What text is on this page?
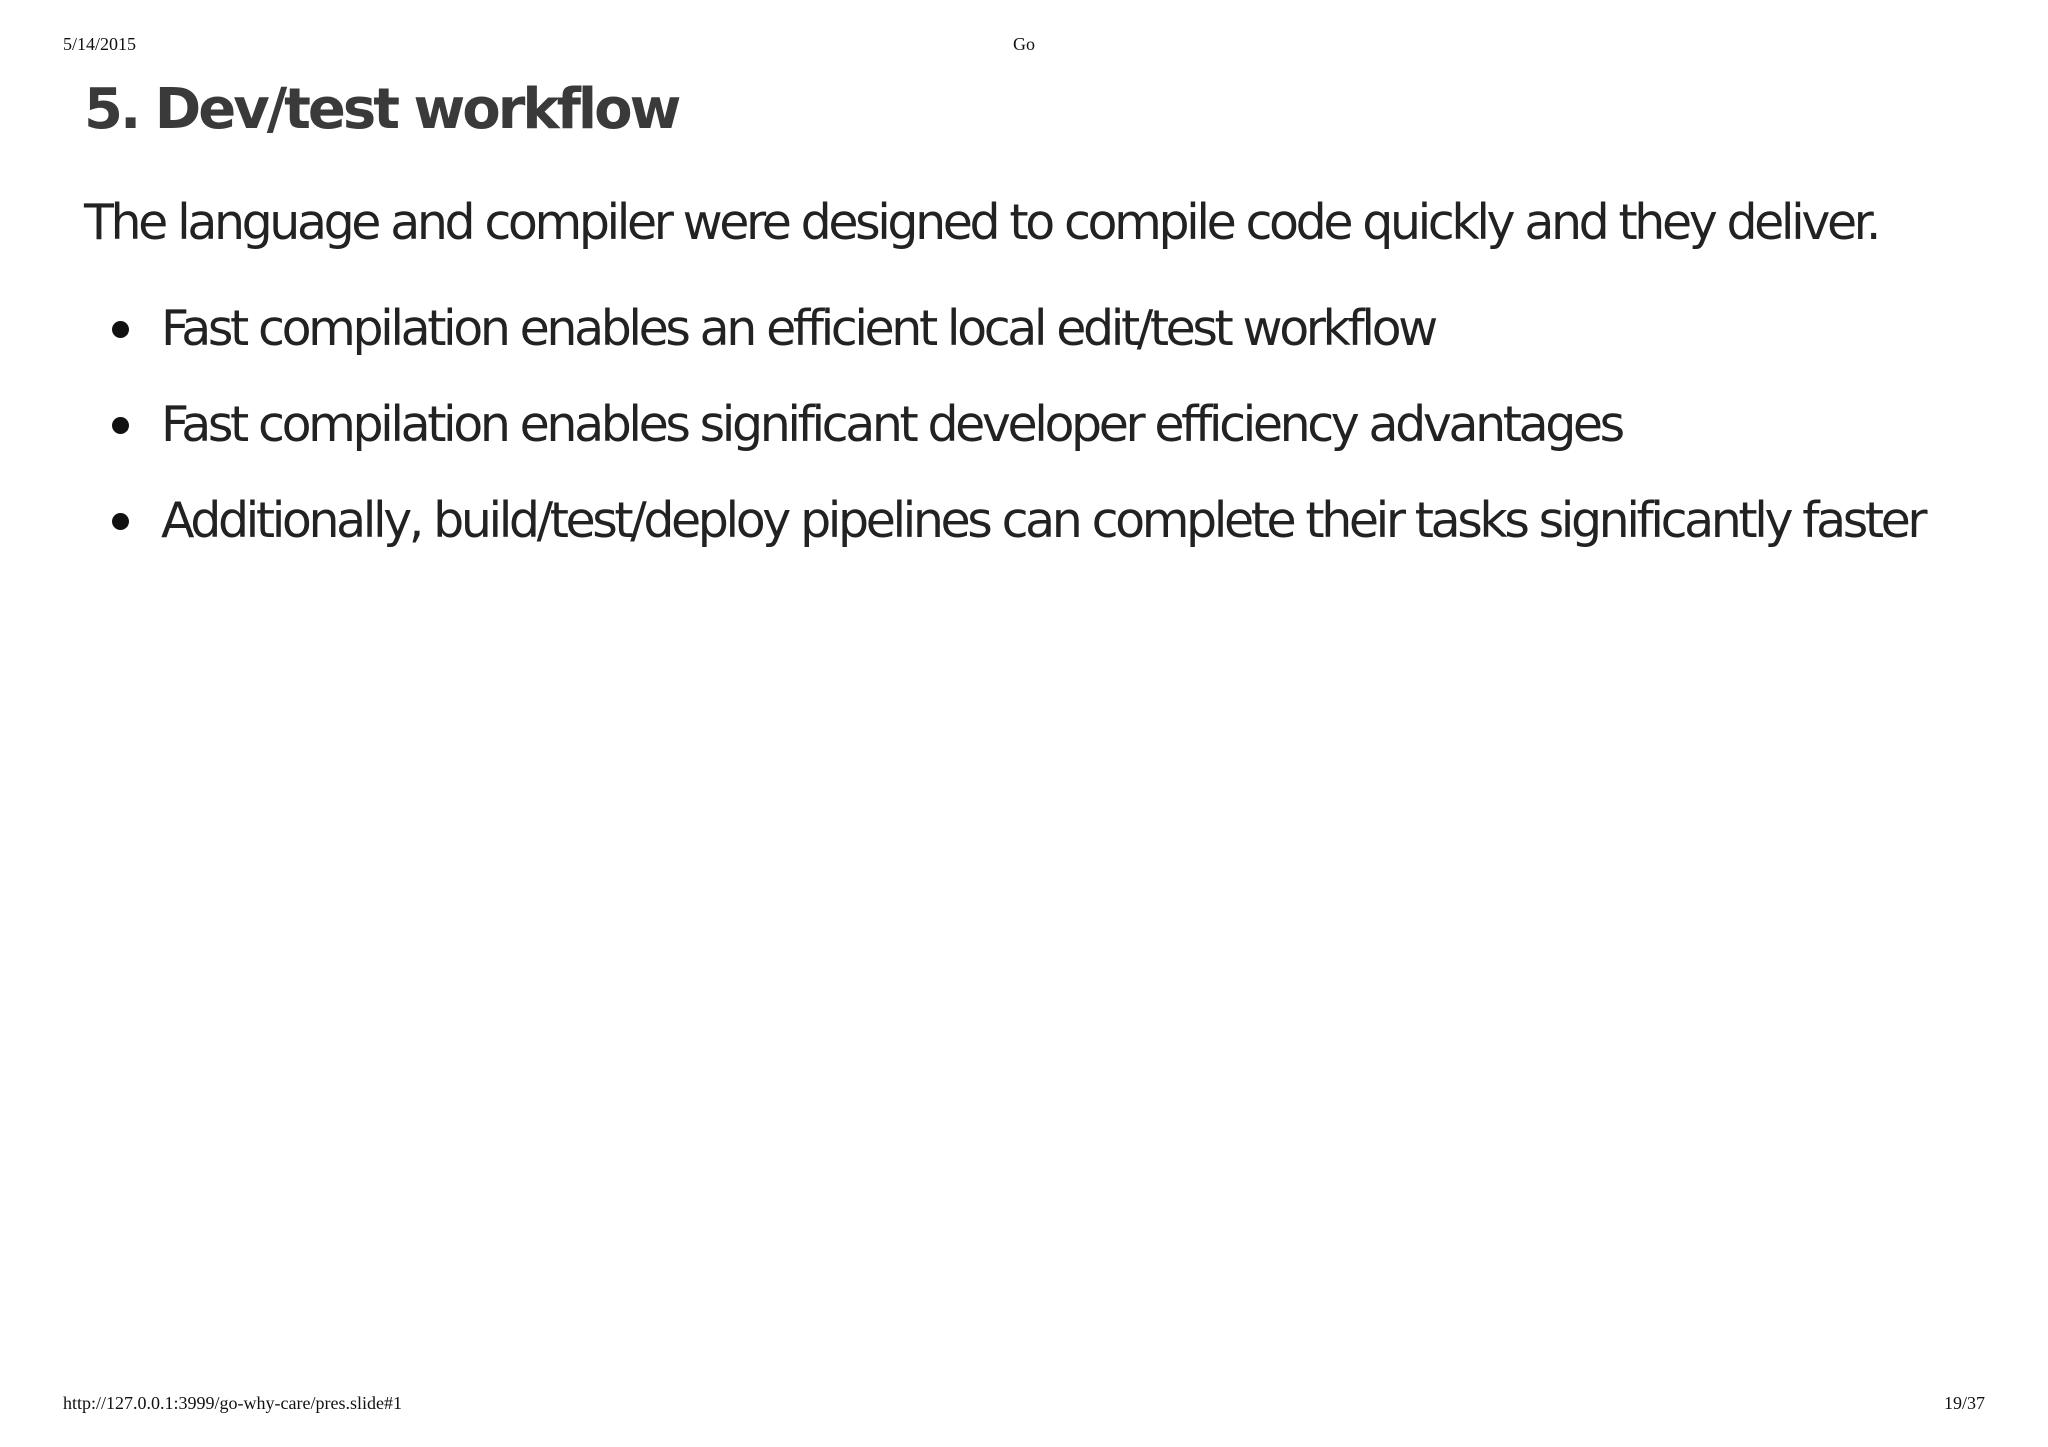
5/14/2015	Go
5. Dev/test workflow

The language and compiler were designed to compile code quickly and they deliver.

Fast compilation enables an efficient local edit/test workflow
Fast compilation enables significant developer efficiency advantages
Additionally, build/test/deploy pipelines can complete their tasks significantly faster
http://127.0.0.1:3999/go-why-care/pres.slide#1	19/37
